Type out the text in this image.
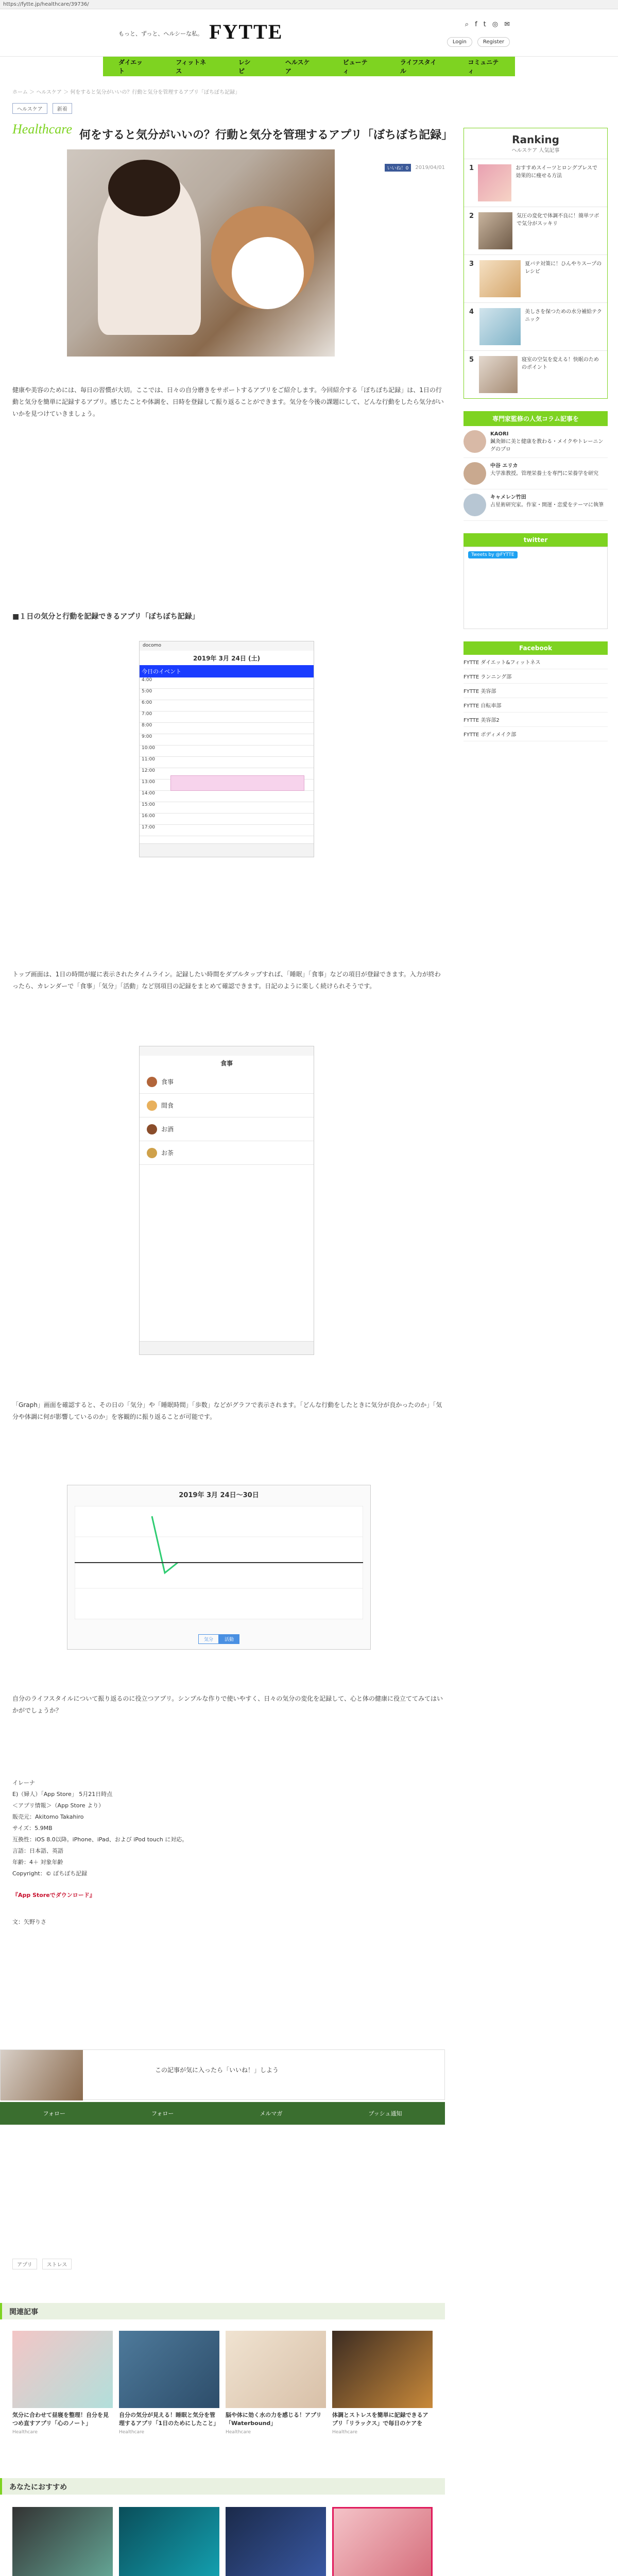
https://fytte.jp/healthcare/39736/
もっと、ずっと、ヘルシーな私。 FYTTE	⌕ f t ◎ ✉
Login	Register
ダイエット
フィットネス
レシピ
ヘルスケア
ビューティ
ライフスタイル
コミュニティ
ホーム ＞ ヘルスケア ＞ 何をすると気分がいいの？行動と気分を管理するアプリ「ぼちぼち記録」
ヘルスケア	新着
Healthcare 何をすると気分がいいの？行動と気分を管理するアプリ「ぼちぼち記録」
いいね！0	2019/04/01

健康や美容のためには、毎日の習慣が大切。ここでは、日々の自分磨きをサポートするアプリをご紹介します。今回紹介する「ぼちぼち記録」は、1日の行動と気分を簡単に記録するアプリ。感じたことや体調を、日時を登録して振り返ることができます。気分を今後の課題にして、どんな行動をしたら気分がいいかを見つけていきましょう。

■１日の気分と行動を記録できるアプリ「ぼちぼち記録」
docomo
2019年 3月 24日 (土)
今日のイベント
4:00
5:00
6:00
7:00
8:00
9:00
10:00
11:00
12:00
13:00
14:00
15:00
16:00
17:00

トップ画面は、1日の時間が縦に表示されたタイムライン。記録したい時間をダブルタップすれば、「睡眠」「食事」などの項目が登録できます。入力が終わったら、カレンダーで「食事」「気分」「活動」など別項目の記録をまとめて確認できます。日記のように楽しく続けられそうです。

食事
食事
間食
お酒
お茶

「Graph」画面を確認すると、その日の「気分」や「睡眠時間」「歩数」などがグラフで表示されます。「どんな行動をしたときに気分が良かったのか」「気分や体調に何が影響しているのか」を客観的に振り返ることが可能です。

2019年 3月 24日〜30日
気分	活動

自分のライフスタイルについて振り返るのに役立つアプリ。シンプルな作りで使いやすく、日々の気分の変化を記録して、心と体の健康に役立ててみてはいかがでしょうか？

イレーナ
E)（婦人）「App Store」 5月21日時点
＜アプリ情報＞（App Store より）
販売元：Akitomo Takahiro
サイズ：5.9MB
互換性：iOS 8.0以降。iPhone、iPad、および iPod touch に対応。
言語：日本語、英語
年齢：4＋ 対象年齢
Copyright：© ぼちぼち記録
『App Storeでダウンロード』
文：矢野りさ
この記事が気に入ったら「いいね！」しよう
フォロー	フォロー	メルマガ	プッシュ通知
アプリ	ストレス
関連記事
気分に合わせて昼寝を整理！自分を見つめ直すアプリ「心のノート」
Healthcare
自分の気分が見える！睡眠と気分を管理するアプリ「1日のためにしたこと」
Healthcare
脳や体に効く水の力を感じる！アプリ「Waterbound」
Healthcare
体調とストレスを簡単に記録できるアプリ「リラックス」で毎日のケアを
Healthcare
あなたにおすすめ
Ranking
ヘルスケア 人気記事
1	おすすめスイーツとロングブレスで効果的に痩せる方法
2	気圧の変化で体調不良に！簡単ツボで気分がスッキリ
3	夏バテ対策に！ひんやりスープのレシピ
4	美しさを保つための水分補給テクニック
5	寝室の空気を変える！快眠のためのポイント
専門家監修の人気コラム記事を
KAORI
鍼灸師に美と健康を教わる・メイクやトレーニングのプロ
中谷 エリカ
大学准教授。管理栄養士を専門に栄養学を研究
キャメレン竹田
占星術研究家。作家・開運・恋愛をテーマに執筆
twitter
Tweets by @FYTTE
Facebook
FYTTE ダイエット&フィットネス
FYTTE ランニング部
FYTTE 美容部
FYTTE 自転車部
FYTTE 美容部2
FYTTE ボディメイク部
